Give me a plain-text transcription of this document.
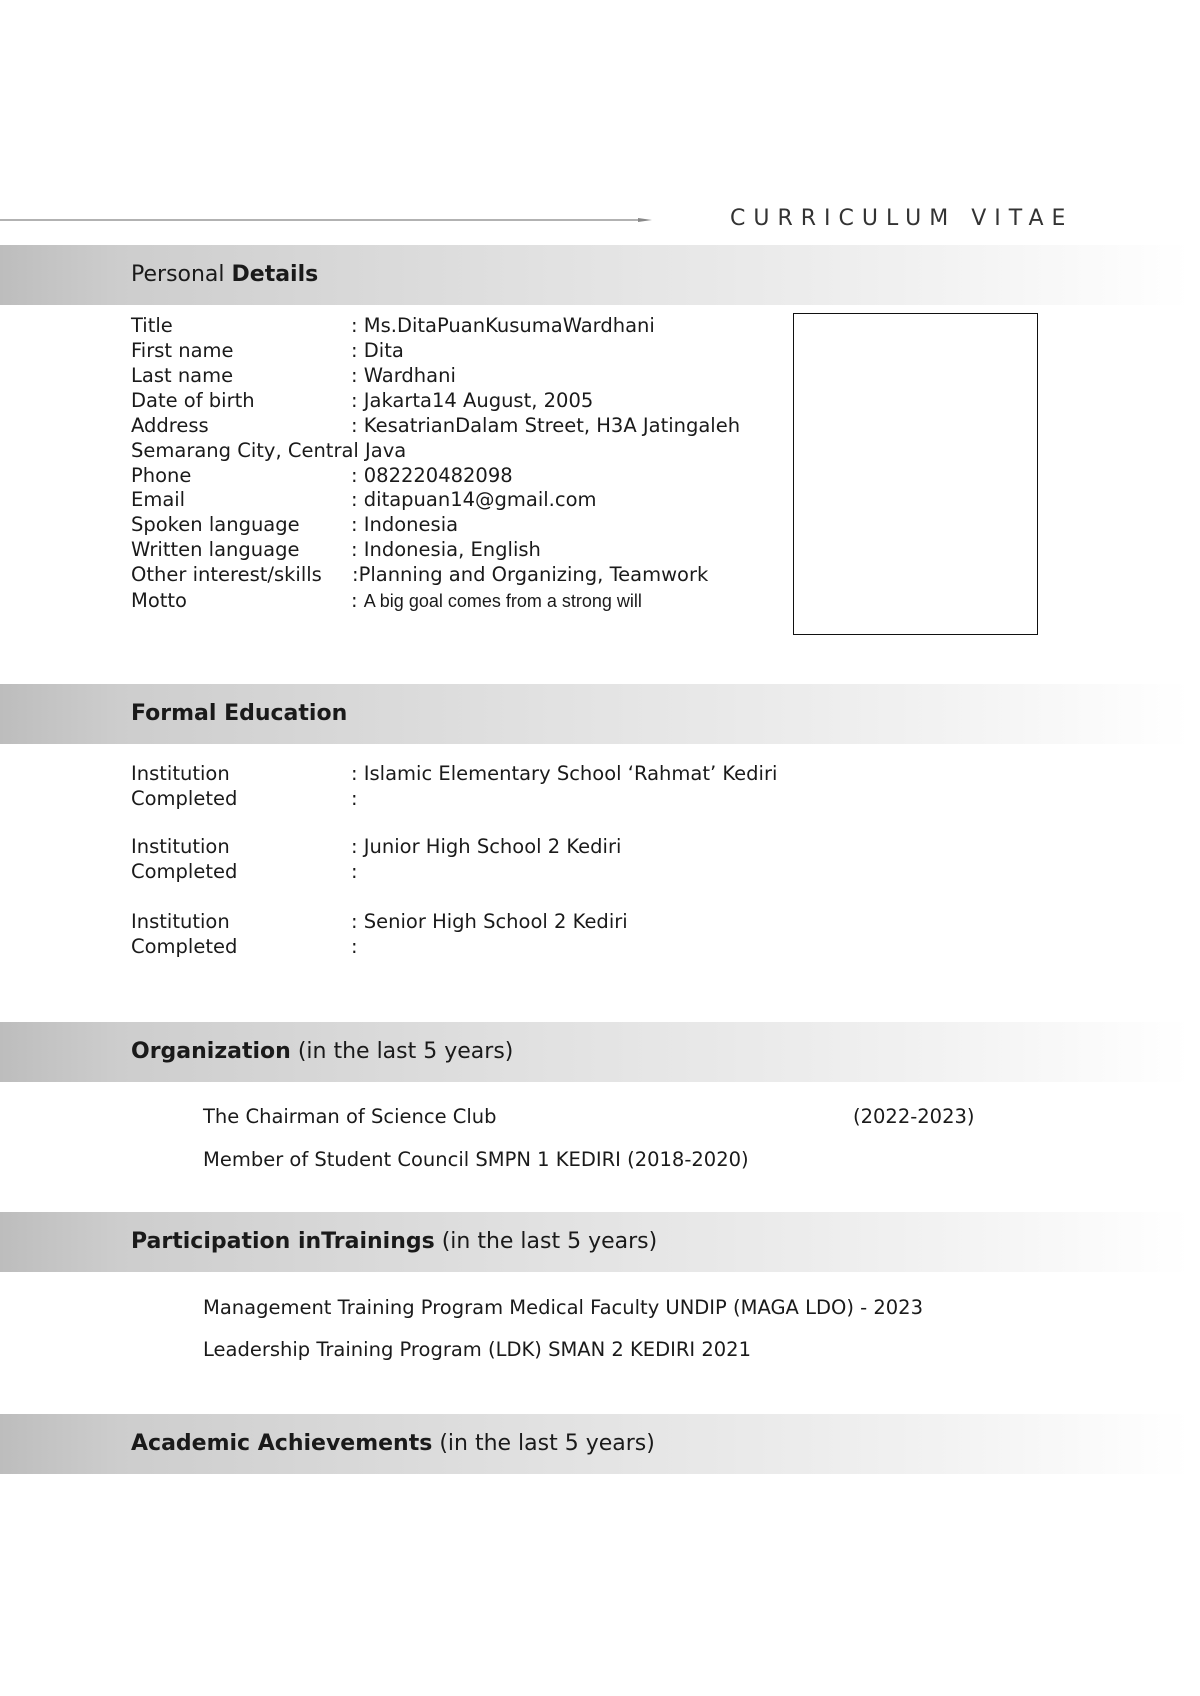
CURRICULUM VITAE
Personal Details
Title	: Ms.DitaPuanKusumaWardhani
First name	: Dita
Last name	: Wardhani
Date of birth	: Jakarta14 August, 2005
Address	: KesatrianDalam Street, H3A Jatingaleh
Semarang City, Central Java
Phone	: 082220482098
Email	: ditapuan14@gmail.com
Spoken language	: Indonesia
Written language	: Indonesia, English
Other interest/skills :Planning and Organizing, Teamwork
Motto	: A big goal comes from a strong will
Formal Education
Institution	: Islamic Elementary School ‘Rahmat’ Kediri
Completed	:
Institution	: Junior High School 2 Kediri
Completed	:
Institution	: Senior High School 2 Kediri
Completed	:
Organization (in the last 5 years)
The Chairman of Science Club	(2022-2023)
Member of Student Council SMPN 1 KEDIRI (2018-2020)
Participation inTrainings (in the last 5 years)
Management Training Program Medical Faculty UNDIP (MAGA LDO) - 2023
Leadership Training Program (LDK) SMAN 2 KEDIRI 2021
Academic Achievements (in the last 5 years)
